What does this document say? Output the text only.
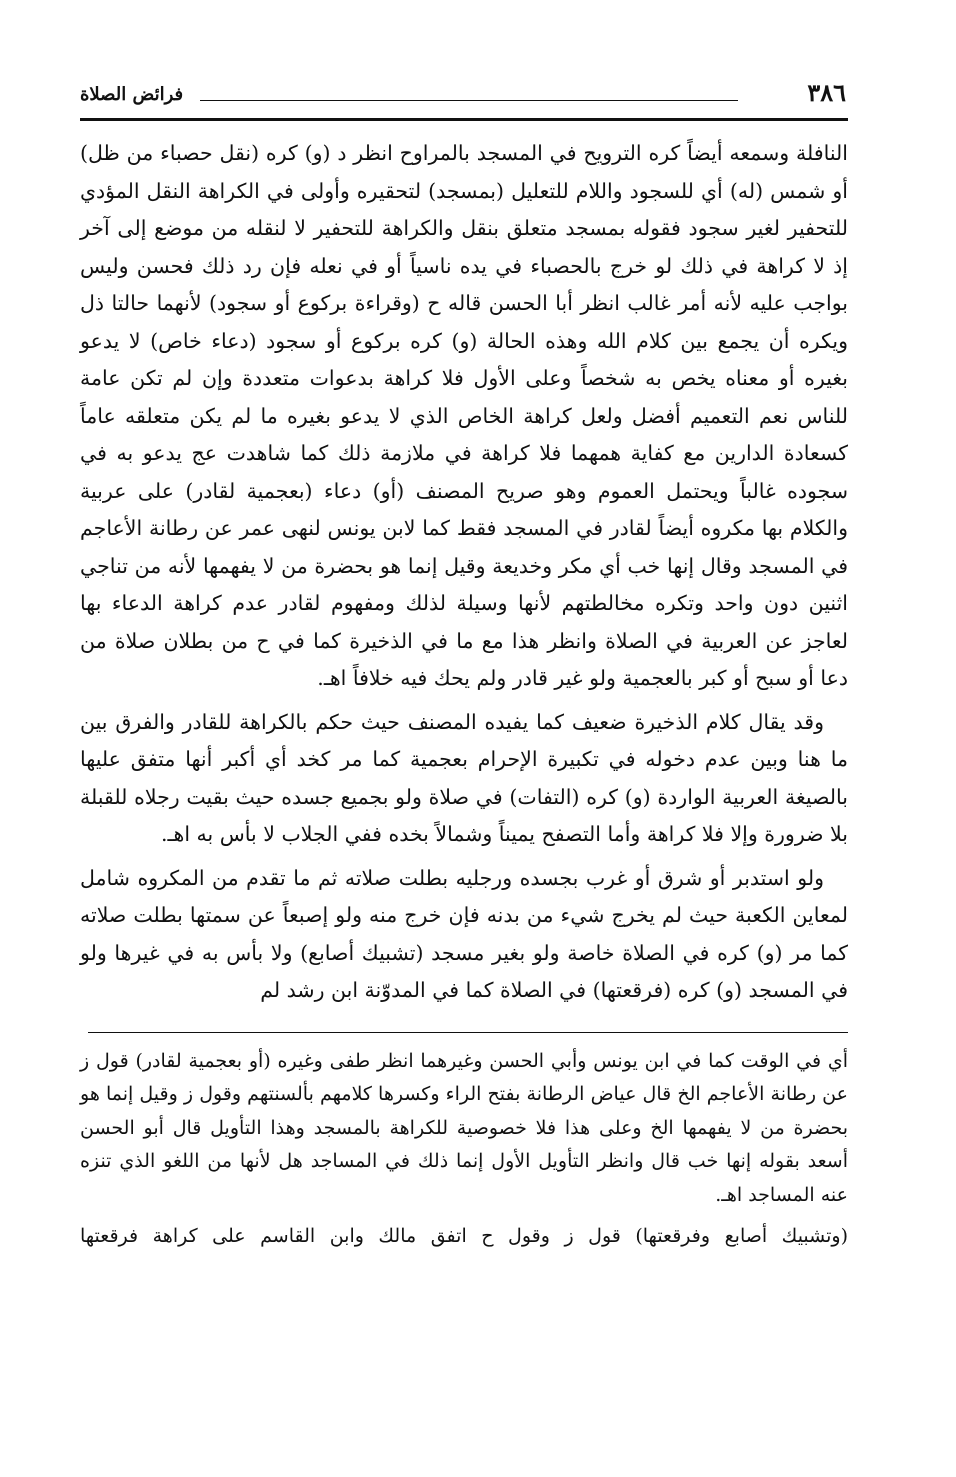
٣٨٦
فرائض الصلاة

النافلة وسمعه أيضاً كره الترويح في المسجد بالمراوح انظر د (و) كره (نقل حصباء من ظل) أو شمس (له) أي للسجود واللام للتعليل (بمسجد) لتحقيره وأولى في الكراهة النقل المؤدي للتحفير لغير سجود فقوله بمسجد متعلق بنقل والكراهة للتحفير لا لنقله من موضع إلى آخر إذ لا كراهة في ذلك لو خرج بالحصباء في يده ناسياً أو في نعله فإن رد ذلك فحسن وليس بواجب عليه لأنه أمر غالب انظر أبا الحسن قاله ح (وقراءة بركوع أو سجود) لأنهما حالتا ذل ويكره أن يجمع بين كلام الله وهذه الحالة (و) كره بركوع أو سجود (دعاء خاص) لا يدعو بغيره أو معناه يخص به شخصاً وعلى الأول فلا كراهة بدعوات متعددة وإن لم تكن عامة للناس نعم التعميم أفضل ولعل كراهة الخاص الذي لا يدعو بغيره ما لم يكن متعلقه عاماً كسعادة الدارين مع كفاية همهما فلا كراهة في ملازمة ذلك كما شاهدت عج يدعو به في سجوده غالباً ويحتمل العموم وهو صريح المصنف (أو) دعاء (بعجمية لقادر) على عربية والكلام بها مكروه أيضاً لقادر في المسجد فقط كما لابن يونس لنهى عمر عن رطانة الأعاجم في المسجد وقال إنها خب أي مكر وخديعة وقيل إنما هو بحضرة من لا يفهمها لأنه من تناجي اثنين دون واحد وتكره مخالطتهم لأنها وسيلة لذلك ومفهوم لقادر عدم كراهة الدعاء بها لعاجز عن العربية في الصلاة وانظر هذا مع ما في الذخيرة كما في ح من بطلان صلاة من دعا أو سبح أو كبر بالعجمية ولو غير قادر ولم يحك فيه خلافاً اهـ.

وقد يقال كلام الذخيرة ضعيف كما يفيده المصنف حيث حكم بالكراهة للقادر والفرق بين ما هنا وبين عدم دخوله في تكبيرة الإحرام بعجمية كما مر كخد أي أكبر أنها متفق عليها بالصيغة العربية الواردة (و) كره (التفات) في صلاة ولو بجميع جسده حيث بقيت رجلاه للقبلة بلا ضرورة وإلا فلا كراهة وأما التصفح يميناً وشمالاً بخده ففي الجلاب لا بأس به اهـ.

ولو استدبر أو شرق أو غرب بجسده ورجليه بطلت صلاته ثم ما تقدم من المكروه شامل لمعاين الكعبة حيث لم يخرج شيء من بدنه فإن خرج منه ولو إصبعاً عن سمتها بطلت صلاته كما مر (و) كره في الصلاة خاصة ولو بغير مسجد (تشبيك أصابع) ولا بأس به في غيرها ولو في المسجد (و) كره (فرقعتها) في الصلاة كما في المدوّنة ابن رشد لم

أي في الوقت كما في ابن يونس وأبي الحسن وغيرهما انظر طفى وغيره (أو بعجمية لقادر) قول ز عن رطانة الأعاجم الخ قال عياض الرطانة بفتح الراء وكسرها كلامهم بألسنتهم وقول ز وقيل إنما هو بحضرة من لا يفهمها الخ وعلى هذا فلا خصوصية للكراهة بالمسجد وهذا التأويل قال أبو الحسن أسعد بقوله إنها خب قال وانظر التأويل الأول إنما ذلك في المساجد هل لأنها من اللغو الذي تنزه عنه المساجد اهـ.

(وتشبيك أصابع وفرقعتها) قول ز وقول ح اتفق مالك وابن القاسم على كراهة فرقعتها
